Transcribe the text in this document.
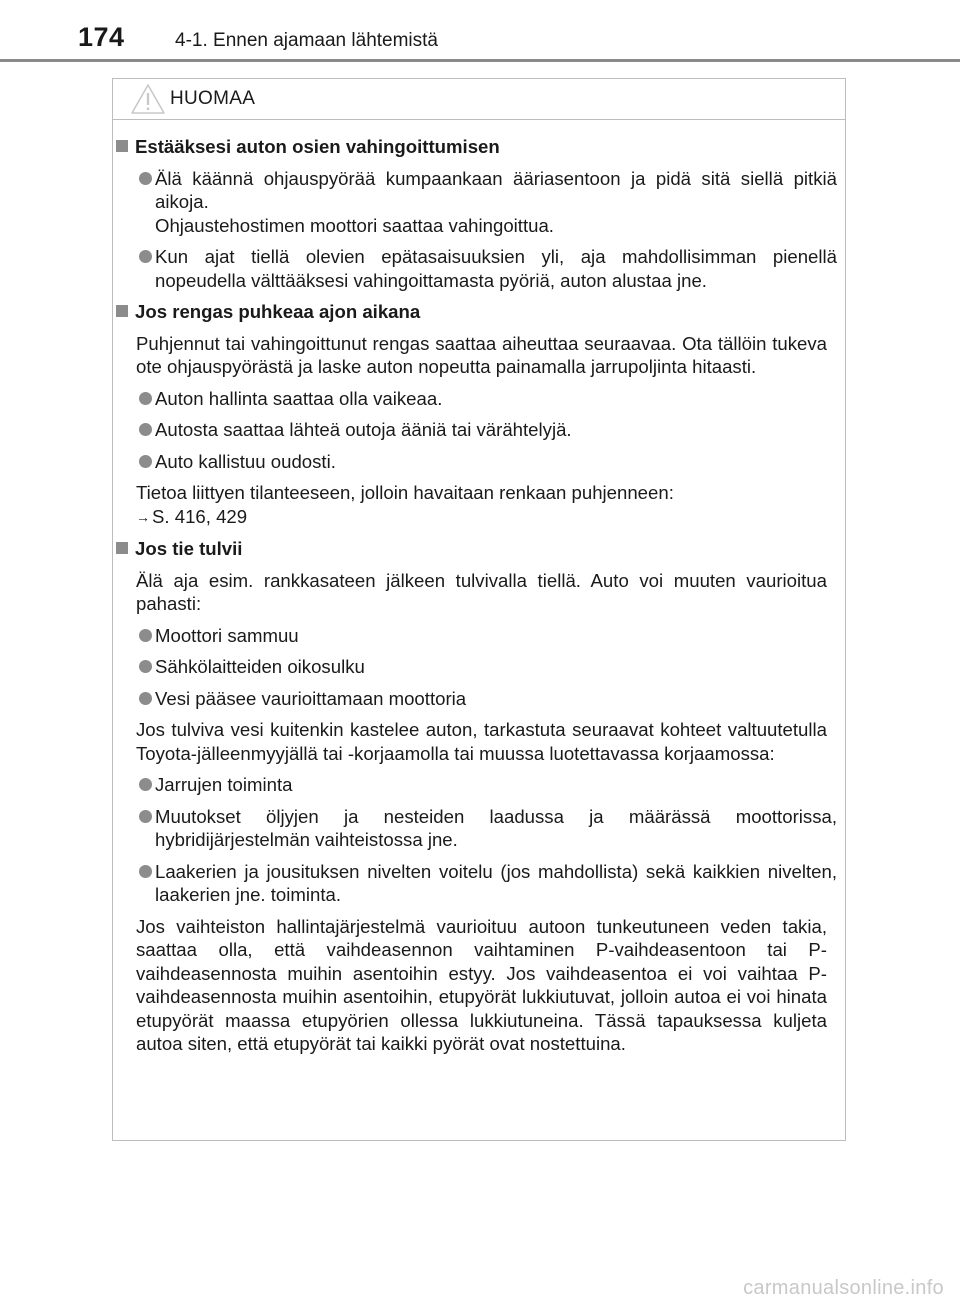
174	4-1. Ennen ajamaan lähtemistä
HUOMAA
Estääksesi auton osien vahingoittumisen
Älä käännä ohjauspyörää kumpaankaan ääriasentoon ja pidä sitä siellä pitkiä aikoja.
Ohjaustehostimen moottori saattaa vahingoittua.
Kun ajat tiellä olevien epätasaisuuksien yli, aja mahdollisimman pienellä nopeudella välttääksesi vahingoittamasta pyöriä, auton alustaa jne.
Jos rengas puhkeaa ajon aikana
Puhjennut tai vahingoittunut rengas saattaa aiheuttaa seuraavaa. Ota tällöin tukeva ote ohjauspyörästä ja laske auton nopeutta painamalla jarrupoljinta hitaasti.
Auton hallinta saattaa olla vaikeaa.
Autosta saattaa lähteä outoja ääniä tai värähtelyjä.
Auto kallistuu oudosti.
Tietoa liittyen tilanteeseen, jolloin havaitaan renkaan puhjenneen:
→ S. 416, 429
Jos tie tulvii
Älä aja esim. rankkasateen jälkeen tulvivalla tiellä. Auto voi muuten vaurioitua pahasti:
Moottori sammuu
Sähkölaitteiden oikosulku
Vesi pääsee vaurioittamaan moottoria
Jos tulviva vesi kuitenkin kastelee auton, tarkastuta seuraavat kohteet valtuutetulla Toyota-jälleenmyyjällä tai -korjaamolla tai muussa luotettavassa korjaamossa:
Jarrujen toiminta
Muutokset öljyjen ja nesteiden laadussa ja määrässä moottorissa, hybridijärjestelmän vaihteistossa jne.
Laakerien ja jousituksen nivelten voitelu (jos mahdollista) sekä kaikkien nivelten, laakerien jne. toiminta.
Jos vaihteiston hallintajärjestelmä vaurioituu autoon tunkeutuneen veden takia, saattaa olla, että vaihdeasennon vaihtaminen P-vaihdeasentoon tai P-vaihdeasennosta muihin asentoihin estyy. Jos vaihdeasentoa ei voi vaihtaa P-vaihdeasennosta muihin asentoihin, etupyörät lukkiutuvat, jolloin autoa ei voi hinata etupyörät maassa etupyörien ollessa lukkiutuneina. Tässä tapauksessa kuljeta autoa siten, että etupyörät tai kaikki pyörät ovat nostettuina.
carmanualsonline.info
